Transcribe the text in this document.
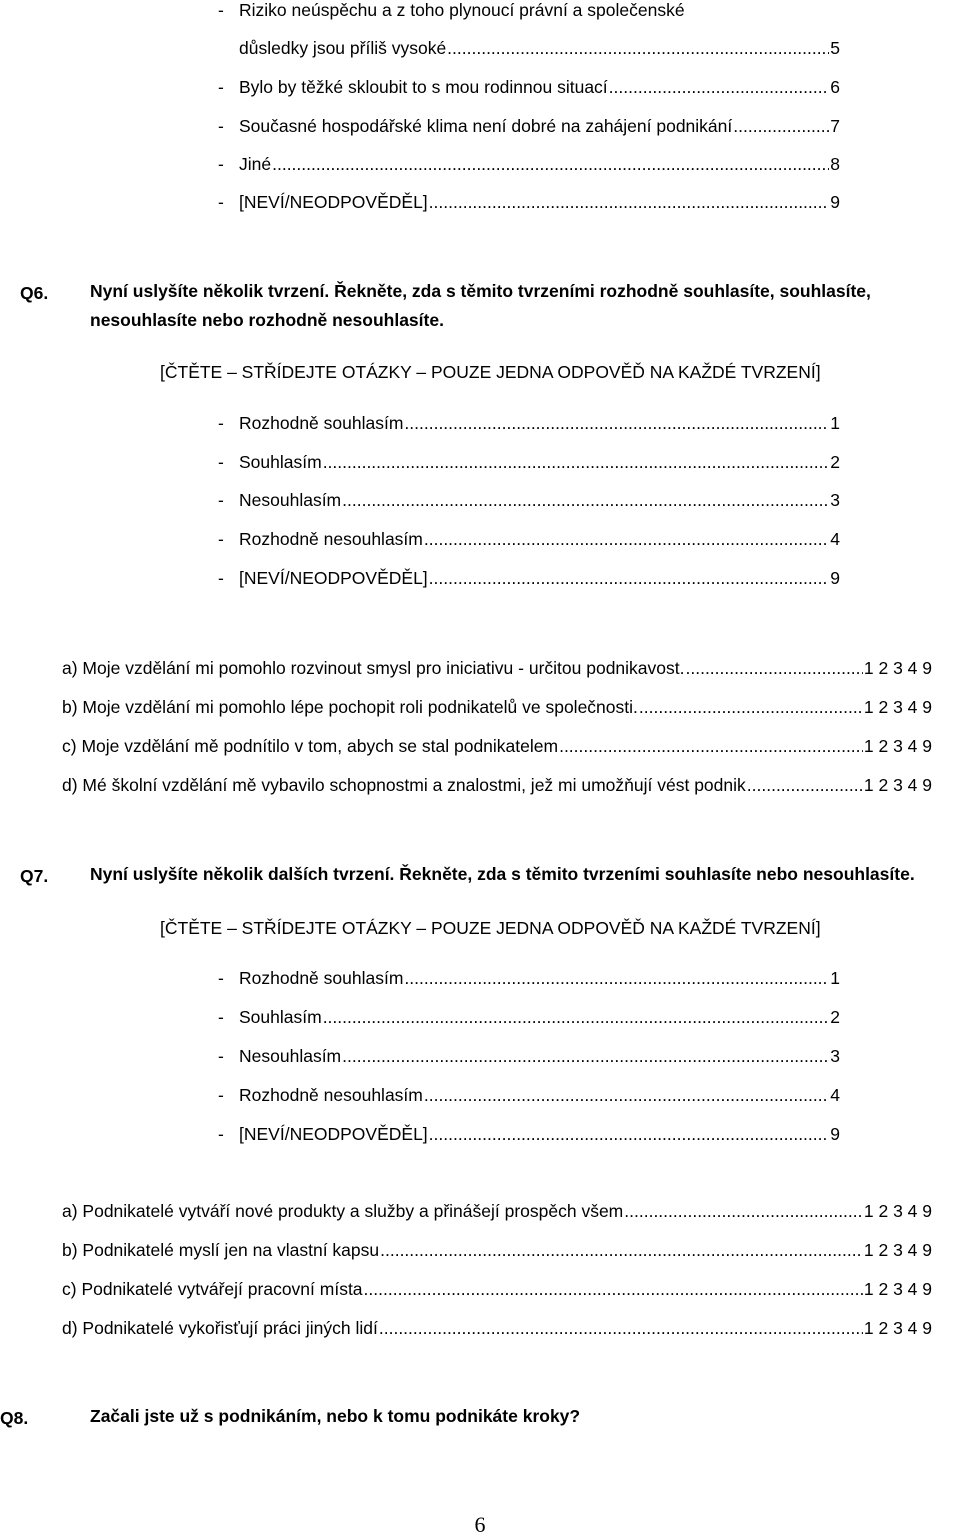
- Riziko neúspěchu a z toho plynoucí právní a společenské
důsledky jsou příliš vysoké .....	5
- Bylo by těžké skloubit to s mou rodinnou situací .....	6
- Současné hospodářské klima není dobré na zahájení podnikání .....	7
- Jiné .....	8
- [NEVÍ/NEODPOVĚDĚL] .....	9
Q6. Nyní uslyšíte několik tvrzení. Řekněte, zda s těmito tvrzeními rozhodně souhlasíte, souhlasíte,
nesouhlasíte nebo rozhodně nesouhlasíte.
[ČTĚTE – STŘÍDEJTE OTÁZKY – POUZE JEDNA ODPOVĚĎ NA KAŽDÉ TVRZENÍ]
- Rozhodně souhlasím .....	1
- Souhlasím .....	2
- Nesouhlasím .....	3
- Rozhodně nesouhlasím .....	4
- [NEVÍ/NEODPOVĚDĚL] .....	9
a) Moje vzdělání mi pomohlo rozvinout smysl pro iniciativu - určitou podnikavost. .....	1 2 3 4 9
b) Moje vzdělání mi pomohlo lépe pochopit roli podnikatelů ve společnosti. .....	1 2 3 4 9
c) Moje vzdělání mě podnítilo v tom, abych se stal podnikatelem .....	1 2 3 4 9
d) Mé školní vzdělání mě vybavilo schopnostmi a znalostmi, jež mi umožňují vést podnik .....	1 2 3 4 9
Q7. Nyní uslyšíte několik dalších tvrzení. Řekněte, zda s těmito tvrzeními souhlasíte nebo nesouhlasíte.
[ČTĚTE – STŘÍDEJTE OTÁZKY – POUZE JEDNA ODPOVĚĎ NA KAŽDÉ TVRZENÍ]
- Rozhodně souhlasím .....	1
- Souhlasím .....	2
- Nesouhlasím .....	3
- Rozhodně nesouhlasím .....	4
- [NEVÍ/NEODPOVĚDĚL] .....	9
a) Podnikatelé vytváří nové produkty a služby a přinášejí prospěch všem .....	1 2 3 4 9
b) Podnikatelé myslí jen na vlastní kapsu .....	1 2 3 4 9
c) Podnikatelé vytvářejí pracovní místa .....	1 2 3 4 9
d) Podnikatelé vykořisťují práci jiných lidí .....	1 2 3 4 9
Q8.	Začali jste už s podnikáním, nebo k tomu podnikáte kroky?
6
